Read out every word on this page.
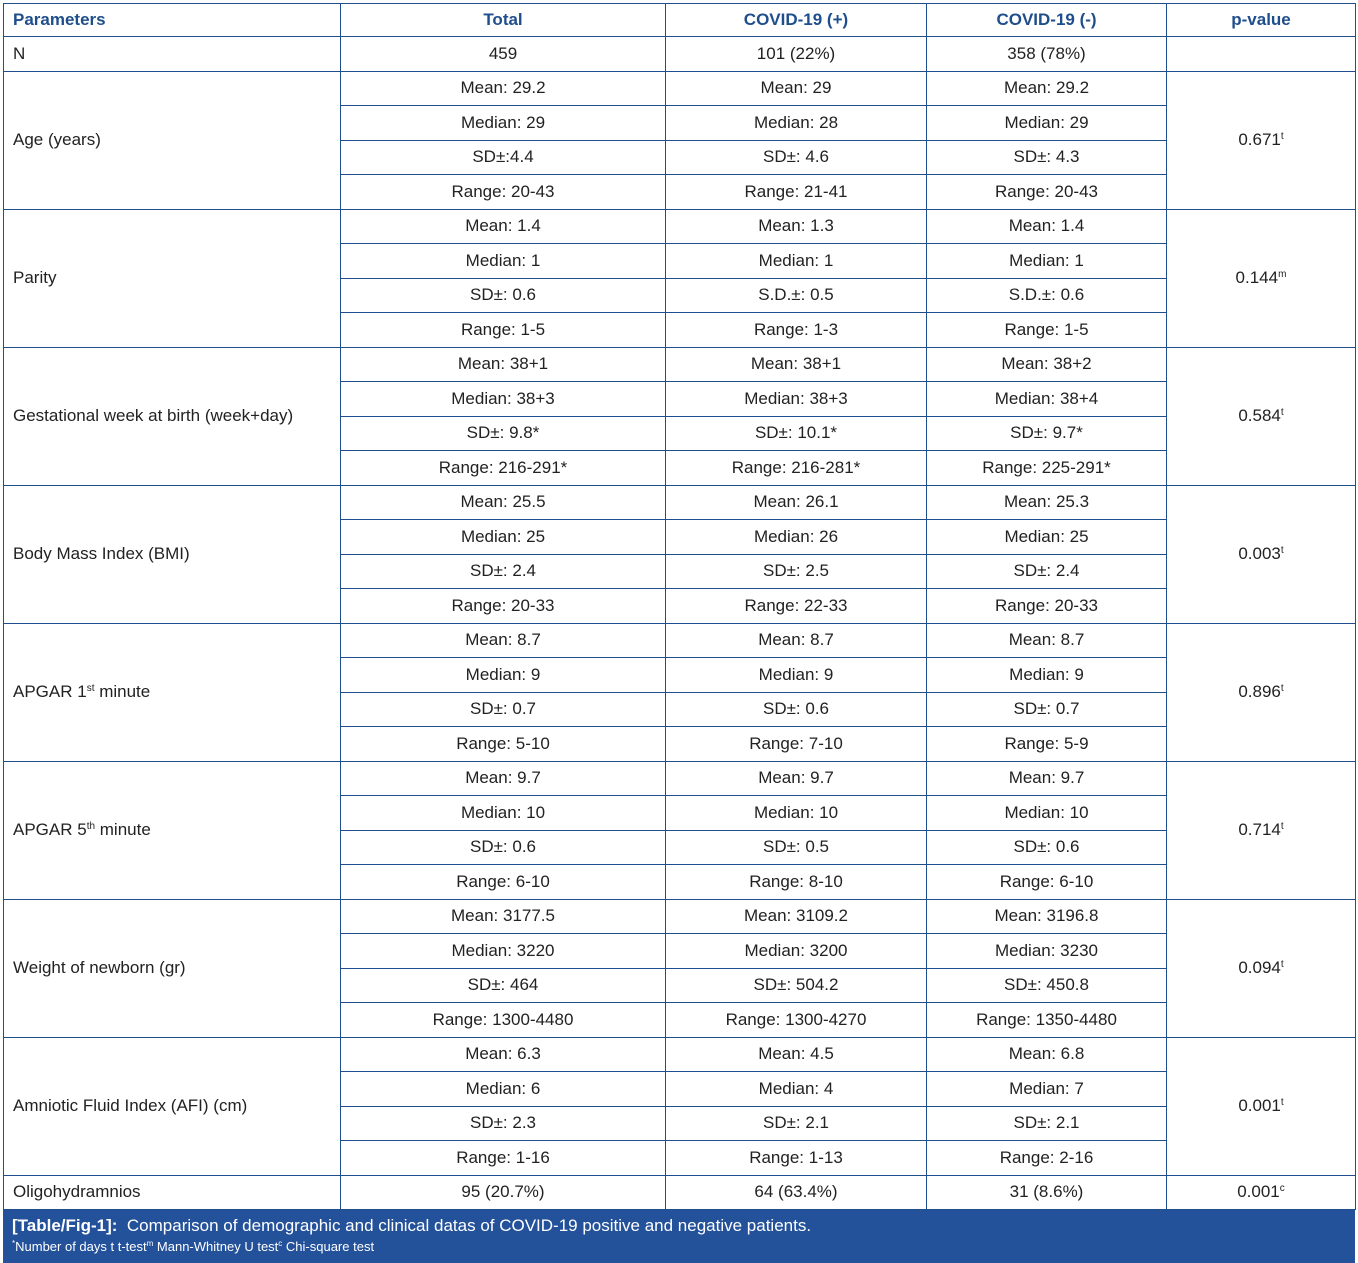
Parameters	Total	COVID-19 (+)	COVID-19 (-)	p-value
N	459	101 (22%)	358 (78%)	
Age (years)	Mean: 29.2	Mean: 29	Mean: 29.2	0.671$^t$
	Median: 29	Median: 28	Median: 29	
	SD±:4.4	SD±: 4.6	SD±: 4.3	
	Range: 20-43	Range: 21-41	Range: 20-43	
Parity	Mean: 1.4	Mean: 1.3	Mean: 1.4	0.144$^m$
	Median: 1	Median: 1	Median: 1	
	SD±: 0.6	S.D.±: 0.5	S.D.±: 0.6	
	Range: 1-5	Range: 1-3	Range: 1-5	
Gestational week at birth (week+day)	Mean: 38+1	Mean: 38+1	Mean: 38+2	0.584$^t$
	Median: 38+3	Median: 38+3	Median: 38+4	
	SD±: 9.8*	SD±: 10.1*	SD±: 9.7*	
	Range: 216-291*	Range: 216-281*	Range: 225-291*	
Body Mass Index (BMI)	Mean: 25.5	Mean: 26.1	Mean: 25.3	0.003$^t$
	Median: 25	Median: 26	Median: 25	
	SD±: 2.4	SD±: 2.5	SD±: 2.4	
	Range: 20-33	Range: 22-33	Range: 20-33	
APGAR 1st minute	Mean: 8.7	Mean: 8.7	Mean: 8.7	0.896$^t$
	Median: 9	Median: 9	Median: 9	
	SD±: 0.7	SD±: 0.6	SD±: 0.7	
	Range: 5-10	Range: 7-10	Range: 5-9	
APGAR 5th minute	Mean: 9.7	Mean: 9.7	Mean: 9.7	0.714$^t$
	Median: 10	Median: 10	Median: 10	
	SD±: 0.6	SD±: 0.5	SD±: 0.6	
	Range: 6-10	Range: 8-10	Range: 6-10	
Weight of newborn (gr)	Mean: 3177.5	Mean: 3109.2	Mean: 3196.8	0.094$^t$
	Median: 3220	Median: 3200	Median: 3230	
	SD±: 464	SD±: 504.2	SD±: 450.8	
	Range: 1300-4480	Range: 1300-4270	Range: 1350-4480	
Amniotic Fluid Index (AFI) (cm)	Mean: 6.3	Mean: 4.5	Mean: 6.8	0.001$^t$
	Median: 6	Median: 4	Median: 7	
	SD±: 2.3	SD±: 2.1	SD±: 2.1	
	Range: 1-16	Range: 1-13	Range: 2-16	
Oligohydramnios	95 (20.7%)	64 (63.4%)	31 (8.6%)	0.001$^c$
[Table/Fig-1]: Comparison of demographic and clinical datas of COVID-19 positive and negative patients.
*Number of days t t-test$^m$ Mann-Whitney U test$^c$ Chi-square test
